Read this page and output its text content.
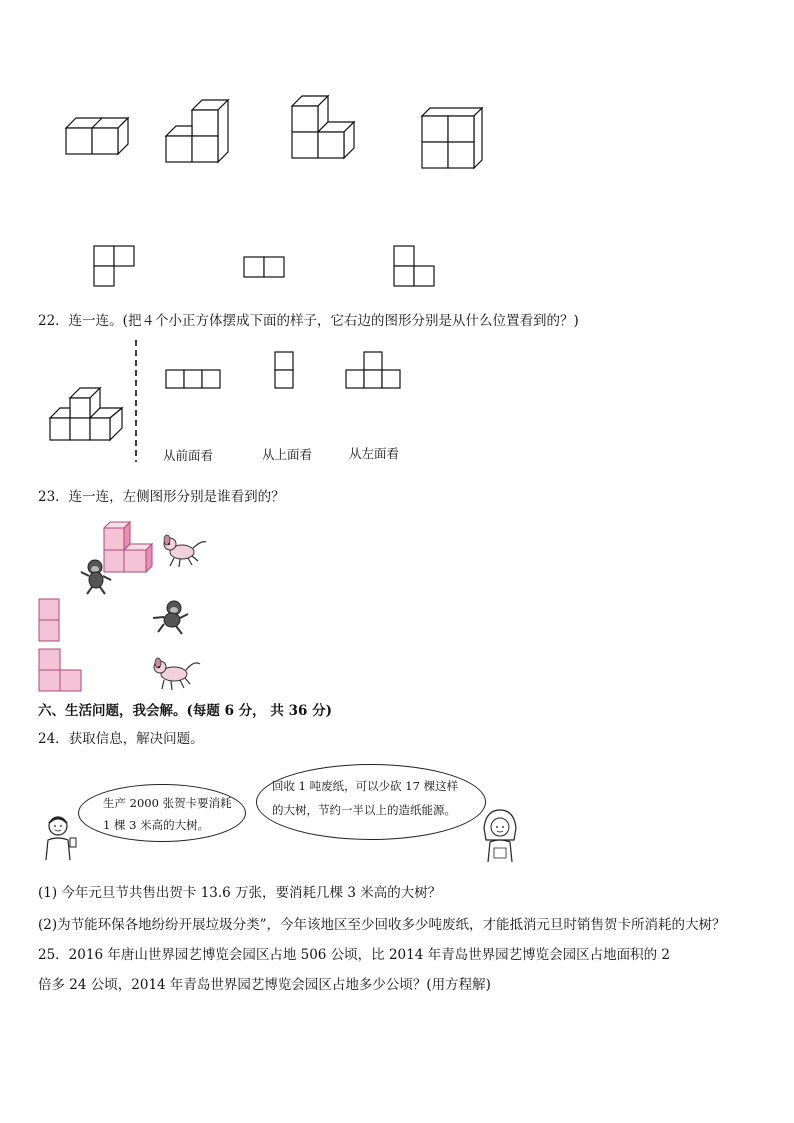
22．连一连。(把４个小正方体摆成下面的样子，它右边的图形分别是从什么位置看到的？)
从前面看	从上面看	从左面看
23．连一连，左侧图形分别是谁看到的？
六、生活问题，我会解。(每题 6 分， 共 36 分)
24．获取信息，解决问题。
生产 2000 张贺卡要消耗
1 棵 3 米高的大树。
回收 1 吨废纸，可以少砍 17 棵这样
的大树，节约一半以上的造纸能源。
(1) 今年元旦节共售出贺卡 13.6 万张，要消耗几棵 3 米高的大树？
(2)为节能环保各地纷纷开展垃圾分类”，今年该地区至少回收多少吨废纸，才能抵消元旦时销售贺卡所消耗的大树？
25．2016 年唐山世界园艺博览会园区占地 506 公顷，比 2014 年青岛世界园艺博览会园区占地面积的 2
倍多 24 公顷，2014 年青岛世界园艺博览会园区占地多少公顷？(用方程解)
